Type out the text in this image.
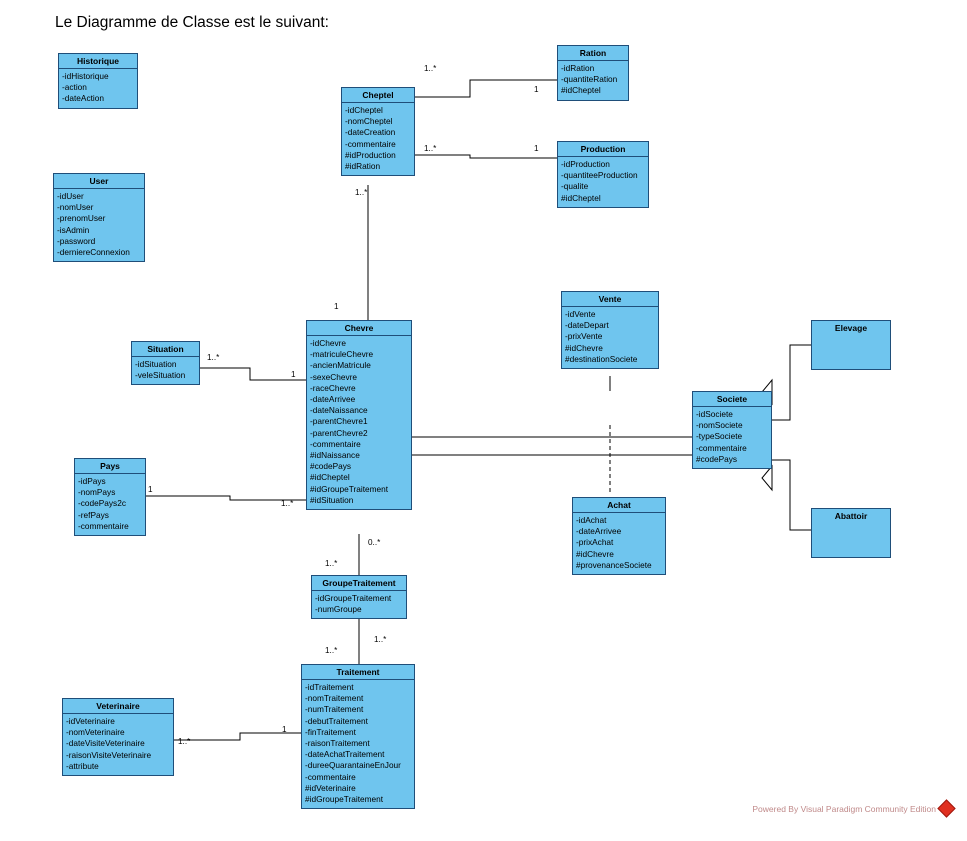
Le Diagramme de Classe est le suivant:
Historique
-idHistorique
-action
-dateAction
User
-idUser
-nomUser
-prenomUser
-isAdmin
-password
-derniereConnexion
Cheptel
-idCheptel
-nomCheptel
-dateCreation
-commentaire
#idProduction
#idRation
Ration
-idRation
-quantiteRation
#idCheptel
Production
-idProduction
-quantiteeProduction
-qualite
#idCheptel
Situation
-idSituation
-veleSituation
Chevre
-idChevre
-matriculeChevre
-ancienMatricule
-sexeChevre
-raceChevre
-dateArrivee
-dateNaissance
-parentChevre1
-parentChevre2
-commentaire
#idNaissance
#codePays
#idCheptel
#idGroupeTraitement
#idSituation
Vente
-idVente
-dateDepart
-prixVente
#idChevre
#destinationSociete
Societe
-idSociete
-nomSociete
-typeSociete
-commentaire
#codePays
Elevage
Abattoir
Pays
-idPays
-nomPays
-codePays2c
-refPays
-commentaire
Achat
-idAchat
-dateArrivee
-prixAchat
#idChevre
#provenanceSociete
GroupeTraitement
-idGroupeTraitement
-numGroupe
Traitement
-idTraitement
-nomTraitement
-numTraitement
-debutTraitement
-finTraitement
-raisonTraitement
-dateAchatTraitement
-dureeQuarantaineEnJour
-commentaire
#idVeterinaire
#idGroupeTraitement
Veterinaire
-idVeterinaire
-nomVeterinaire
-dateVisiteVeterinaire
-raisonVisiteVeterinaire
-attribute
1..*
1
1..*	1
1..*
1
1..*
1
1
1..*
0..*
1..*
1..*
1..*
1..*
1
Powered By Visual Paradigm Community Edition
